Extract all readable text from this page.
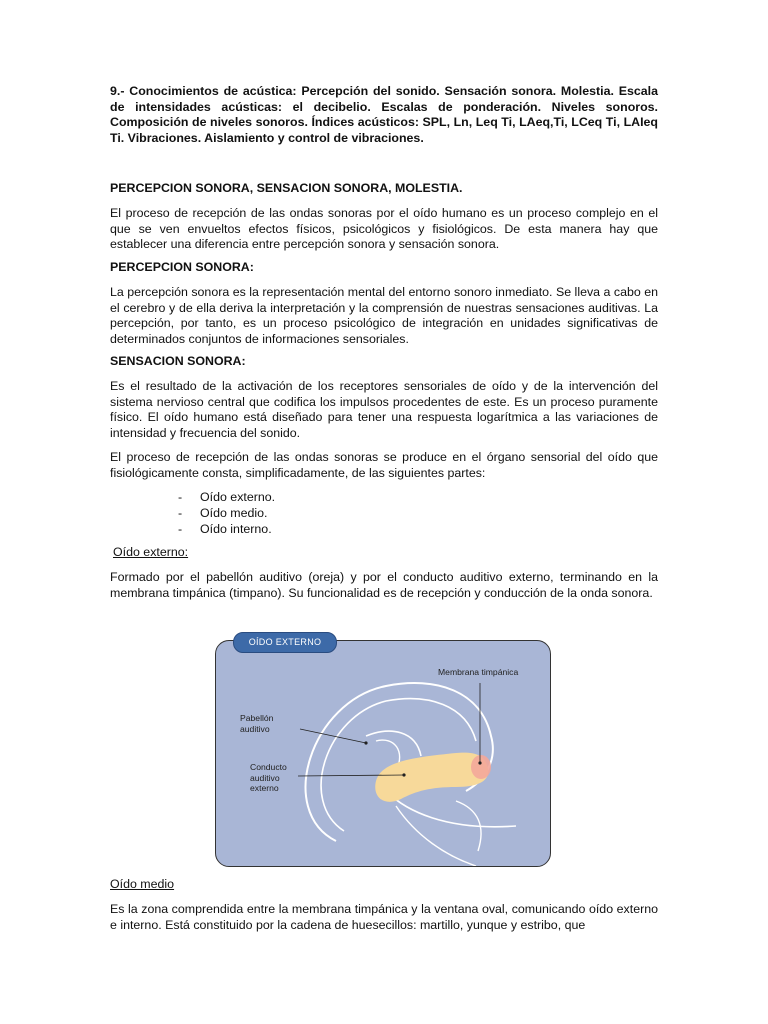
9.- Conocimientos de acústica: Percepción del sonido. Sensación sonora. Molestia. Escala de intensidades acústicas: el decibelio. Escalas de ponderación. Niveles sonoros. Composición de niveles sonoros. Índices acústicos: SPL, Ln, Leq Ti, LAeq,Ti, LCeq Ti, LAIeq Ti. Vibraciones. Aislamiento y control de vibraciones.
PERCEPCION SONORA, SENSACION SONORA, MOLESTIA.
El proceso de recepción de las ondas sonoras por el oído humano es un proceso complejo en el que se ven envueltos efectos físicos, psicológicos y fisiológicos. De esta manera hay que establecer una diferencia entre percepción sonora y sensación sonora.
PERCEPCION SONORA:
La percepción sonora es la representación mental del entorno sonoro inmediato. Se lleva a cabo en el cerebro y de ella deriva la interpretación y la comprensión de nuestras sensaciones auditivas. La percepción, por tanto, es un proceso psicológico de integración en unidades significativas de determinados conjuntos de informaciones sensoriales.
SENSACION SONORA:
Es el resultado de la activación de los receptores sensoriales de oído y de la intervención del sistema nervioso central que codifica los impulsos procedentes de este. Es un proceso puramente físico. El oído humano está diseñado para tener una respuesta logarítmica a las variaciones de intensidad y frecuencia del sonido.
El proceso de recepción de las ondas sonoras se produce en el órgano sensorial del oído que fisiológicamente consta, simplificadamente, de las siguientes partes:
-	Oído externo.
-	Oído medio.
-	Oído interno.
Oído externo:
Formado por el pabellón auditivo (oreja) y por el conducto auditivo externo, terminando en la membrana timpánica (timpano). Su funcionalidad es de recepción y conducción de la onda sonora.
OÍDO EXTERNO
Membrana timpánica
Pabellón auditivo
Conducto auditivo externo
Oído medio
Es la zona comprendida entre la membrana timpánica y la ventana oval, comunicando oído externo e interno. Está constituido por la cadena de huesecillos: martillo, yunque y estribo, que
